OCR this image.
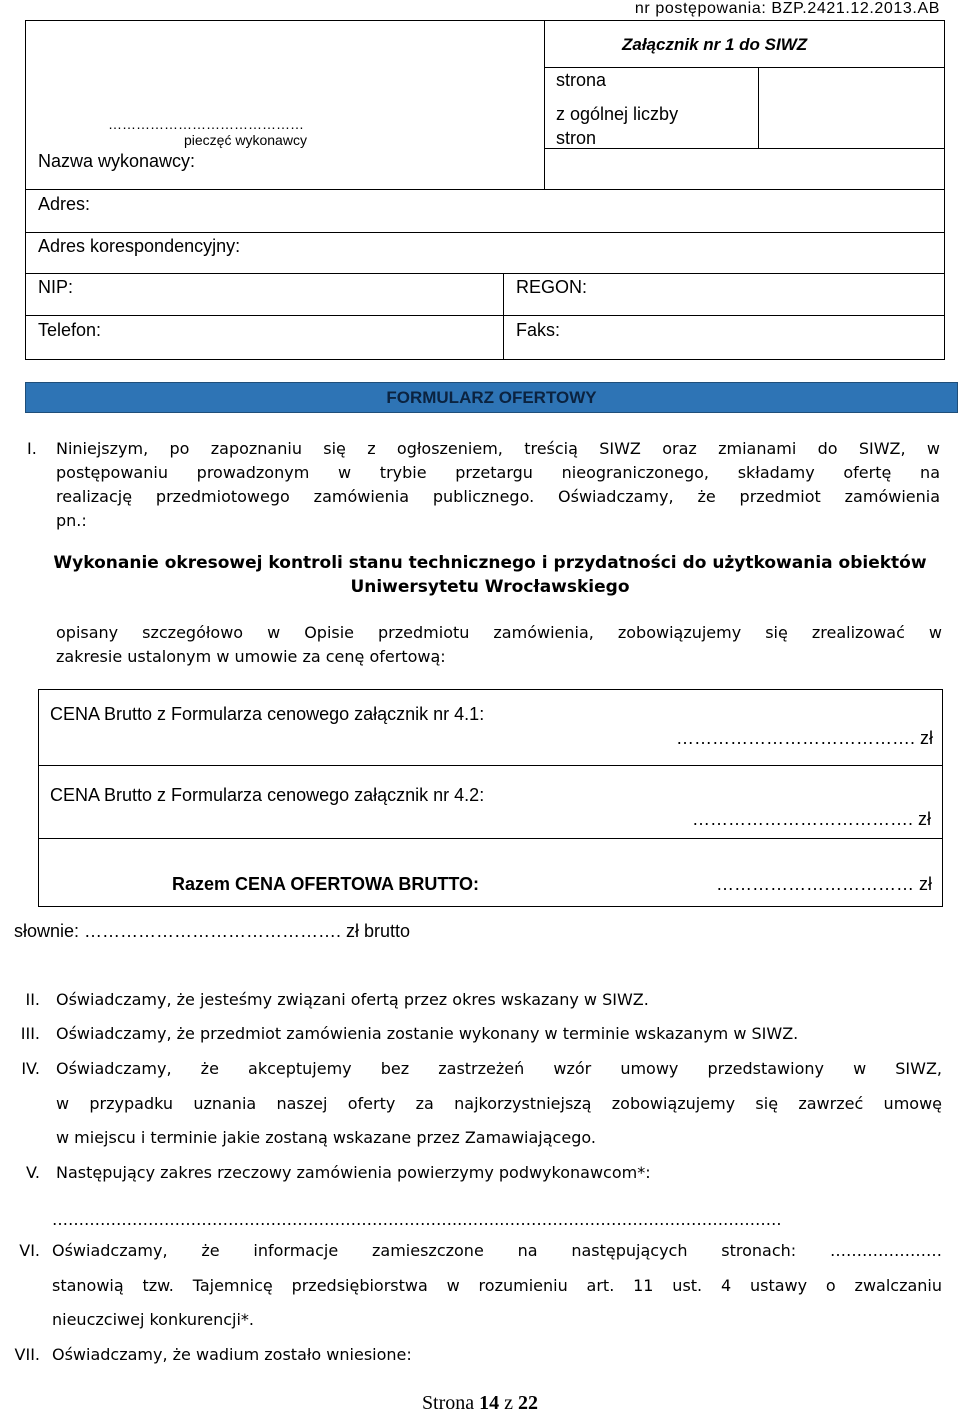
nr postępowania: BZP.2421.12.2013.AB
Załącznik nr 1 do SIWZ
strona
z ogólnej liczby
stron
……………………………………
pieczęć wykonawcy
Nazwa wykonawcy:
Adres:
Adres korespondencyjny:
NIP:	REGON:
Telefon:	Faks:
FORMULARZ OFERTOWY
I. Niniejszym, po zapoznaniu się z ogłoszeniem, treścią SIWZ oraz zmianami do SIWZ, w
postępowaniu prowadzonym w trybie przetargu nieograniczonego, składamy ofertę na
realizację przedmiotowego zamówienia publicznego. Oświadczamy, że przedmiot zamówienia
pn.:
Wykonanie okresowej kontroli stanu technicznego i przydatności do użytkowania obiektów Uniwersytetu Wrocławskiego
opisany szczegółowo w Opisie przedmiotu zamówienia, zobowiązujemy się zrealizować w
zakresie ustalonym w umowie za cenę ofertową:
CENA Brutto z Formularza cenowego załącznik nr 4.1:
…………………………………. zł
CENA Brutto z Formularza cenowego załącznik nr 4.2:
………………………………. zł
Razem CENA OFERTOWA BRUTTO:	…………………………… zł
słownie: ……………………………………. zł brutto
II. Oświadczamy, że jesteśmy związani ofertą przez okres wskazany w SIWZ.
III. Oświadczamy, że przedmiot zamówienia zostanie wykonany w terminie wskazanym w SIWZ.
IV. Oświadczamy, że akceptujemy bez zastrzeżeń wzór umowy przedstawiony w SIWZ,
w przypadku uznania naszej oferty za najkorzystniejszą zobowiązujemy się zawrzeć umowę
w miejscu i terminie jakie zostaną wskazane przez Zamawiającego.
V. Następujący zakres rzeczowy zamówienia powierzymy podwykonawcom*:
…………………………………………………………………..……..…………………………………………….
VI. Oświadczamy, że informacje zamieszczone na następujących stronach: …………………
stanowią tzw. Tajemnicę przedsiębiorstwa w rozumieniu art. 11 ust. 4 ustawy o zwalczaniu
nieuczciwej konkurencji*.
VII. Oświadczamy, że wadium zostało wniesione:
Strona 14 z 22
